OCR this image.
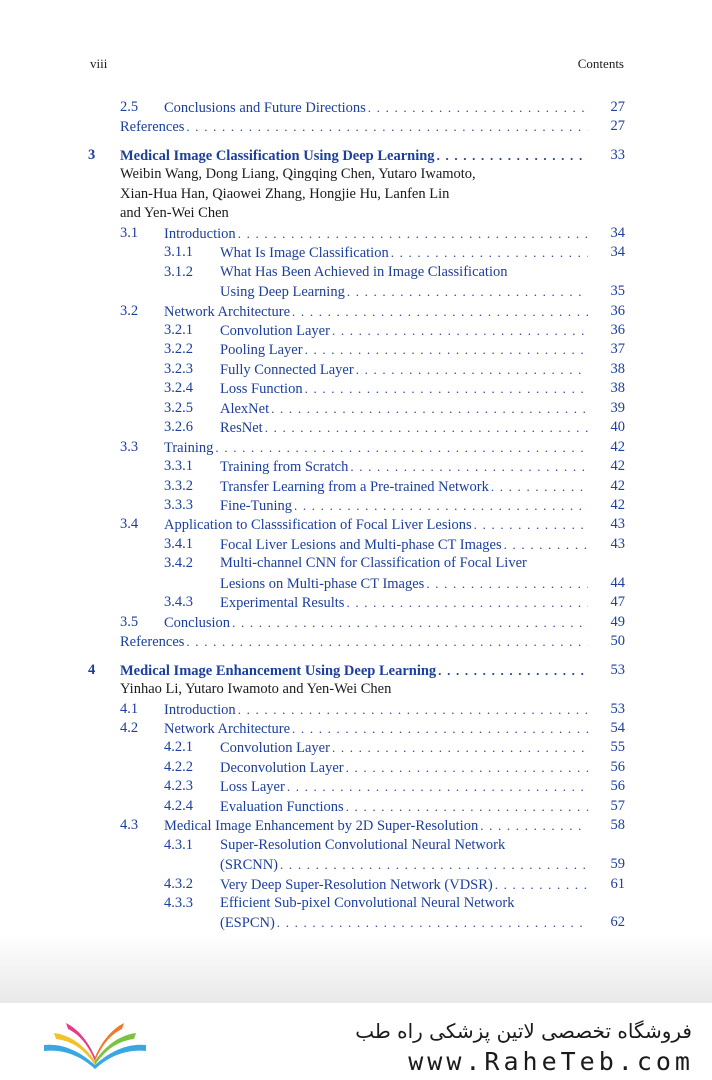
viii	Contents
2.5 Conclusions and Future Directions . . .	27
References . . .	27
3 Medical Image Classification Using Deep Learning . . .	33
Weibin Wang, Dong Liang, Qingqing Chen, Yutaro Iwamoto,
Xian-Hua Han, Qiaowei Zhang, Hongjie Hu, Lanfen Lin
and Yen-Wei Chen
3.1 Introduction . . .	34
3.1.1 What Is Image Classification . . .	34
3.1.2 What Has Been Achieved in Image Classification
Using Deep Learning . . .	35
3.2 Network Architecture . . .	36
3.2.1 Convolution Layer . . .	36
3.2.2 Pooling Layer . . .	37
3.2.3 Fully Connected Layer . . .	38
3.2.4 Loss Function . . .	38
3.2.5 AlexNet . . .	39
3.2.6 ResNet . . .	40
3.3 Training . . .	42
3.3.1 Training from Scratch . . .	42
3.3.2 Transfer Learning from a Pre-trained Network . . .	42
3.3.3 Fine-Tuning . . .	42
3.4 Application to Classsification of Focal Liver Lesions . . .	43
3.4.1 Focal Liver Lesions and Multi-phase CT Images . . .	43
3.4.2 Multi-channel CNN for Classification of Focal Liver
Lesions on Multi-phase CT Images . . .	44
3.4.3 Experimental Results . . .	47
3.5 Conclusion . . .	49
References . . .	50
4 Medical Image Enhancement Using Deep Learning . . .	53
Yinhao Li, Yutaro Iwamoto and Yen-Wei Chen
4.1 Introduction . . .	53
4.2 Network Architecture . . .	54
4.2.1 Convolution Layer . . .	55
4.2.2 Deconvolution Layer . . .	56
4.2.3 Loss Layer . . .	56
4.2.4 Evaluation Functions . . .	57
4.3 Medical Image Enhancement by 2D Super-Resolution . . .	58
4.3.1 Super-Resolution Convolutional Neural Network
(SRCNN) . . .	59
4.3.2 Very Deep Super-Resolution Network (VDSR) . . .	61
4.3.3 Efficient Sub-pixel Convolutional Neural Network
(ESPCN) . . .	62
فروشگاه تخصصی لاتین پزشکی راه طب
www.RaheTeb.com
